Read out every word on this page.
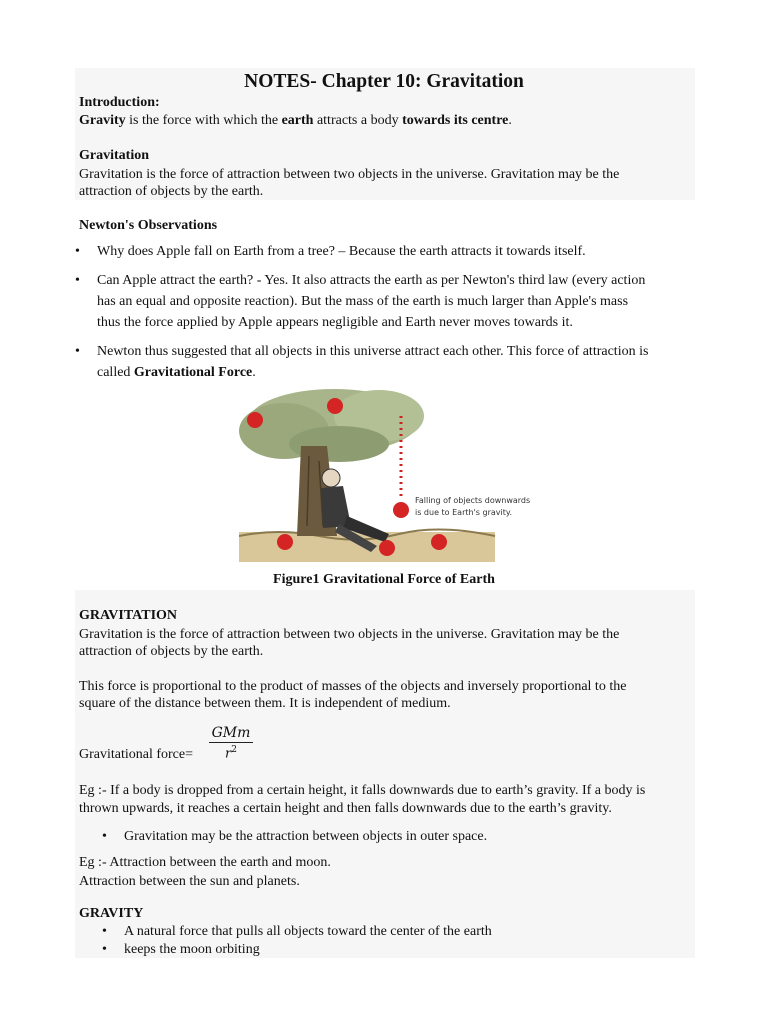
NOTES- Chapter 10: Gravitation
Introduction:
Gravity is the force with which the earth attracts a body towards its centre.
Gravitation
Gravitation is the force of attraction between two objects in the universe. Gravitation may be the
attraction of objects by the earth.
Newton's Observations
• Why does Apple fall on Earth from a tree? – Because the earth attracts it towards itself.
• Can Apple attract the earth? - Yes. It also attracts the earth as per Newton's third law (every action
has an equal and opposite reaction). But the mass of the earth is much larger than Apple's mass
thus the force applied by Apple appears negligible and Earth never moves towards it.
• Newton thus suggested that all objects in this universe attract each other. This force of attraction is
called Gravitational Force.
Falling of objects downwards
is due to Earth's gravity.
Figure1 Gravitational Force of Earth
GRAVITATION
Gravitation is the force of attraction between two objects in the universe. Gravitation may be the
attraction of objects by the earth.
This force is proportional to the product of masses of the objects and inversely proportional to the
square of the distance between them. It is independent of medium.
Gravitational force=
GMm
$r^2$
Eg :- If a body is dropped from a certain height, it falls downwards due to earth’s gravity. If a body is
thrown upwards, it reaches a certain height and then falls downwards due to the earth’s gravity.
• Gravitation may be the attraction between objects in outer space.
Eg :- Attraction between the earth and moon.
Attraction between the sun and planets.
GRAVITY
• A natural force that pulls all objects toward the center of the earth
• keeps the moon orbiting
